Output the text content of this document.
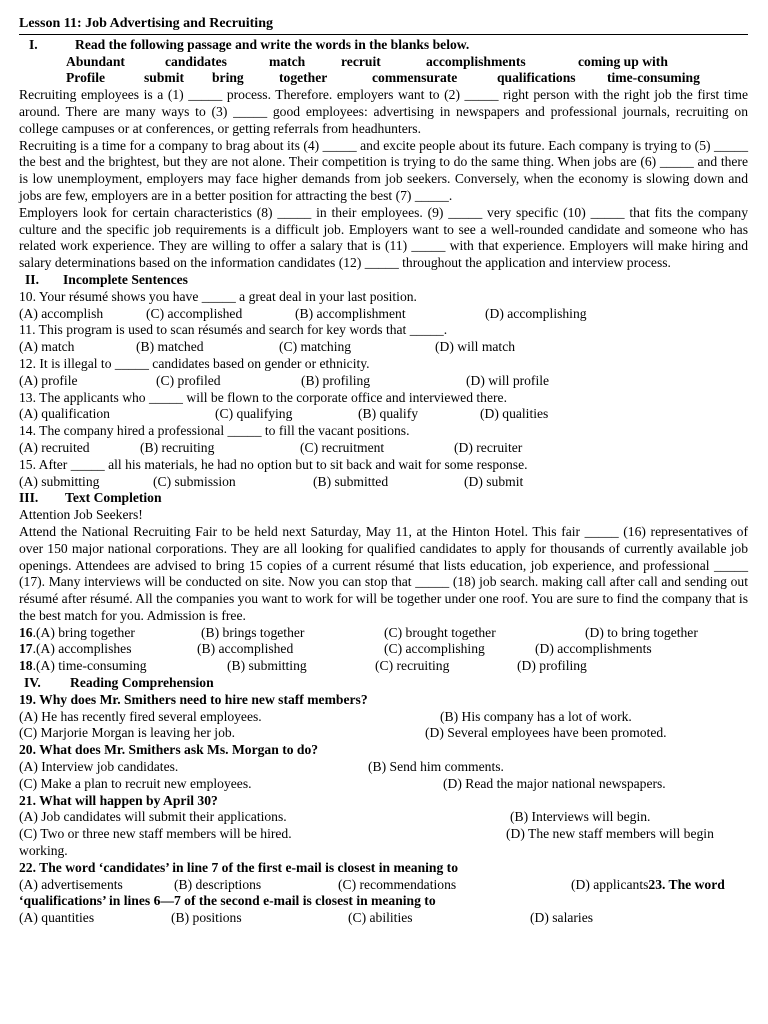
Lesson 11: Job Advertising and Recruiting
I.	Read the following passage and write the words in the blanks below.
Abundant	candidates	match	recruit	accomplishments	coming up with
Profile	submit	bring	together	commensurate	qualifications	time-consuming
Recruiting employees is a (1) _____ process. Therefore. employers want to (2) _____ right person with the right job the first time around. There are many ways to (3) _____ good employees: advertising in newspapers and professional journals, recruiting on college campuses or at conferences, or getting referrals from headhunters.
Recruiting is a time for a company to brag about its (4) _____ and excite people about its future. Each company is trying to (5) _____ the best and the brightest, but they are not alone. Their competition is trying to do the same thing. When jobs are (6) _____ and there is low unemployment, employers may face higher demands from job seekers. Conversely, when the economy is slowing down and jobs are few, employers are in a better position for attracting the best (7) _____.
Employers look for certain characteristics (8) _____ in their employees. (9) _____ very specific (10) _____ that fits the company culture and the specific job requirements is a difficult job. Employers want to see a well-rounded candidate and someone who has related work experience. They are willing to offer a salary that is (11) _____ with that experience. Employers will make hiring and salary determinations based on the information candidates (12) _____ throughout the application and interview process.
II. Incomplete Sentences
10. Your résumé shows you have _____ a great deal in your last position.
(A) accomplish	(C) accomplished	(B) accomplishment	(D) accomplishing
11. This program is used to scan résumés and search for key words that _____.
(A) match	(B) matched	(C) matching	(D) will match
12. It is illegal to _____ candidates based on gender or ethnicity.
(A) profile	(C) profiled	(B) profiling	(D) will profile
13. The applicants who _____ will be flown to the corporate office and interviewed there.
(A) qualification	(C) qualifying	(B) qualify	(D) qualities
14. The company hired a professional _____ to fill the vacant positions.
(A) recruited	(B) recruiting	(C) recruitment	(D) recruiter
15. After _____ all his materials, he had no option but to sit back and wait for some response.
(A) submitting	(C) submission	(B) submitted	(D) submit
III. Text Completion
Attention Job Seekers!
Attend the National Recruiting Fair to be held next Saturday, May 11, at the Hinton Hotel. This fair _____ (16) representatives of over 150 major national corporations. They are all looking for qualified candidates to apply for thousands of currently available job openings. Attendees are advised to bring 15 copies of a current résumé that lists education, job experience, and professional _____ (17). Many interviews will be conducted on site. Now you can stop that _____ (18) job search. making call after call and sending out résumé after résumé. All the companies you want to work for will be together under one roof. You are sure to find the company that is the best match for you. Admission is free.
16.(A) bring together	(B) brings together	(C) brought together	(D) to bring together
17.(A) accomplishes	(B) accomplished	(C) accomplishing	(D) accomplishments
18.(A) time-consuming	(B) submitting	(C) recruiting	(D) profiling
IV. Reading Comprehension
19. Why does Mr. Smithers need to hire new staff members?
(A) He has recently fired several employees.	(B) His company has a lot of work.
(C) Marjorie Morgan is leaving her job.	(D) Several employees have been promoted.
20. What does Mr. Smithers ask Ms. Morgan to do?
(A) Interview job candidates.	(B) Send him comments.
(C) Make a plan to recruit new employees.	(D) Read the major national newspapers.
21. What will happen by April 30?
(A) Job candidates will submit their applications.	(B) Interviews will begin.
(C) Two or three new staff members will be hired.	(D) The new staff members will begin
working.
22. The word ‘candidates’ in line 7 of the first e-mail is closest in meaning to
(A) advertisements	(B) descriptions	(C) recommendations	(D) applicants23. The word
‘qualifications’ in lines 6—7 of the second e-mail is closest in meaning to
(A) quantities	(B) positions	(C) abilities	(D) salaries
